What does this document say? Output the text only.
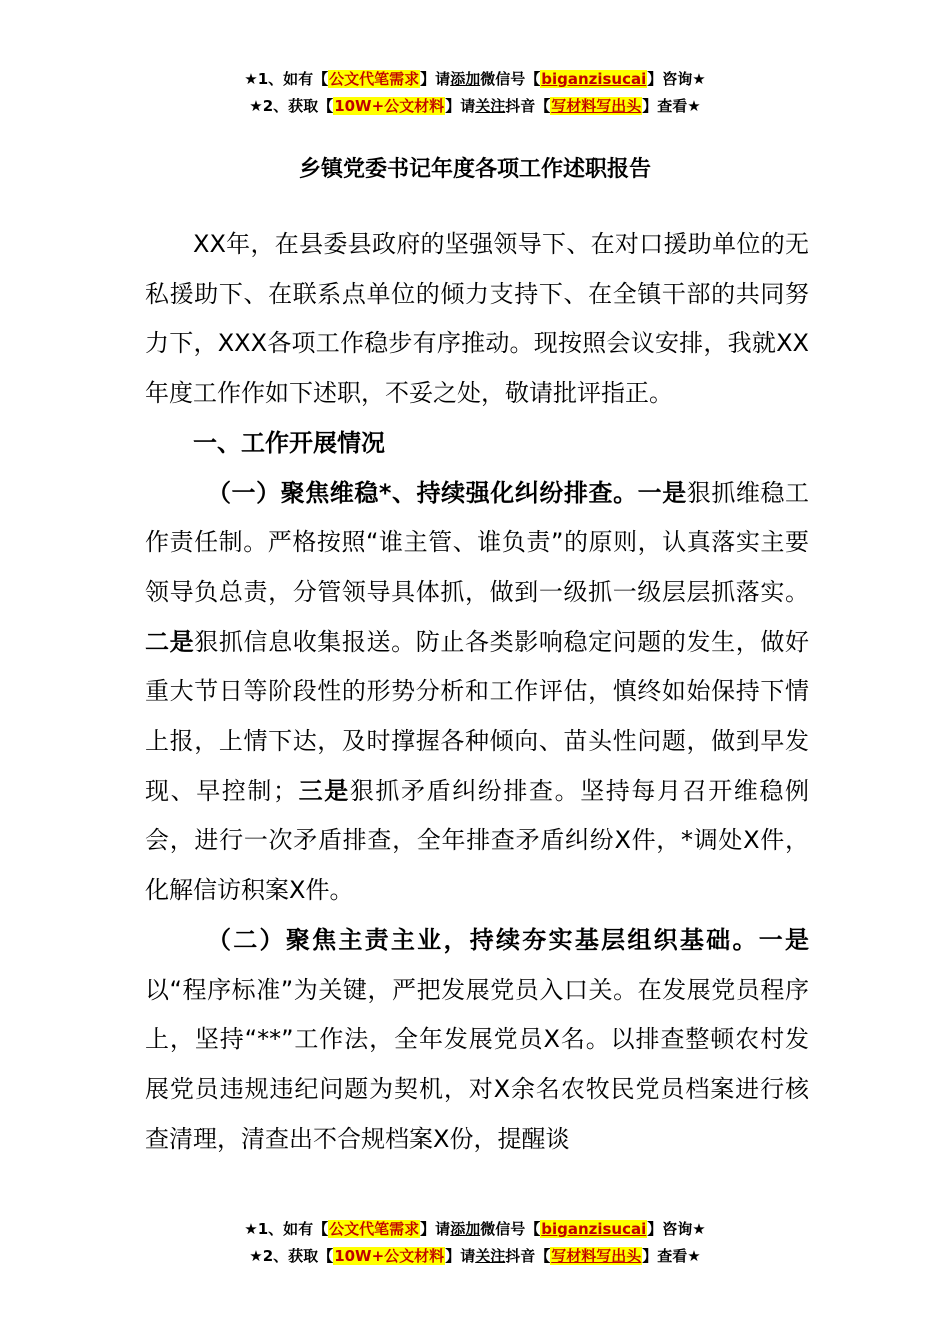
★1、如有【公文代笔需求】请添加微信号【biganzisucai】咨询★
★2、获取【10W+公文材料】请关注抖音【写材料写出头】查看★
乡镇党委书记年度各项工作述职报告

XX年，在县委县政府的坚强领导下、在对口援助单位的无私援助下、在联系点单位的倾力支持下、在全镇干部的共同努力下，XXX各项工作稳步有序推动。现按照会议安排，我就XX年度工作作如下述职，不妥之处，敬请批评指正。

一、工作开展情况

（一）聚焦维稳*、持续强化纠纷排查。一是狠抓维稳工作责任制。严格按照“谁主管、谁负责”的原则，认真落实主要领导负总责，分管领导具体抓，做到一级抓一级层层抓落实。二是狠抓信息收集报送。防止各类影响稳定问题的发生，做好重大节日等阶段性的形势分析和工作评估，慎终如始保持下情上报，上情下达，及时撑握各种倾向、苗头性问题，做到早发现、早控制；三是狠抓矛盾纠纷排查。坚持每月召开维稳例会，进行一次矛盾排查，全年排查矛盾纠纷X件，*调处X件，化解信访积案X件。

（二）聚焦主责主业，持续夯实基层组织基础。一是以“程序标准”为关键，严把发展党员入口关。在发展党员程序上，坚持“**”工作法，全年发展党员X名。以排查整顿农村发展党员违规违纪问题为契机，对X余名农牧民党员档案进行核查清理，清查出不合规档案X份，提醒谈

★1、如有【公文代笔需求】请添加微信号【biganzisucai】咨询★
★2、获取【10W+公文材料】请关注抖音【写材料写出头】查看★
